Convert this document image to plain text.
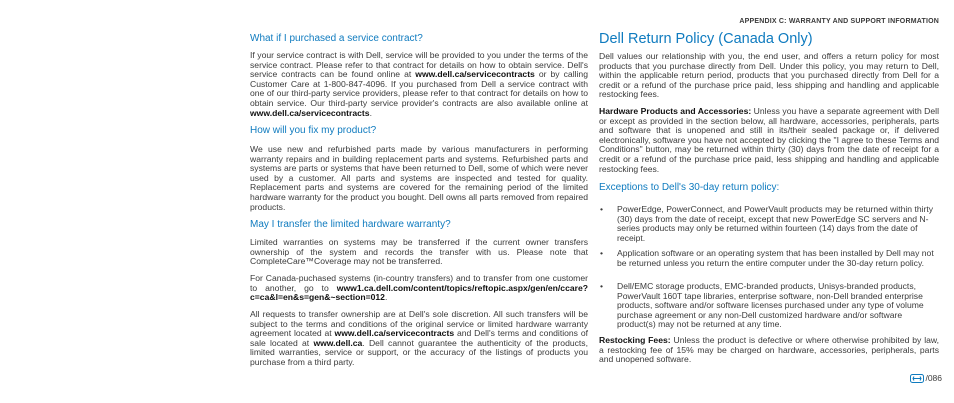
APPENDIX C: WARRANTY AND SUPPORT INFORMATION
What if I purchased a service contract?

If your service contract is with Dell, service will be provided to you under the terms of the service contract. Please refer to that contract for details on how to obtain service. Dell's service contracts can be found online at www.dell.ca/servicecontracts or by calling Customer Care at 1-800-847-4096. If you purchased from Dell a service contract with one of our third-party service providers, please refer to that contract for details on how to obtain service. Our third-party service provider's contracts are also available online at www.dell.ca/servicecontracts.

How will you fix my product?

We use new and refurbished parts made by various manufacturers in performing warranty repairs and in building replacement parts and systems. Refurbished parts and systems are parts or systems that have been returned to Dell, some of which were never used by a customer. All parts and systems are inspected and tested for quality. Replacement parts and systems are covered for the remaining period of the limited hardware warranty for the product you bought. Dell owns all parts removed from repaired products.

May I transfer the limited hardware warranty?

Limited warranties on systems may be transferred if the current owner transfers ownership of the system and records the transfer with us. Please note that CompleteCare™Coverage may not be transferred.

For Canada-puchased systems (in-country transfers) and to transfer from one customer to another, go to www1.ca.dell.com/content/topics/reftopic.aspx/gen/en/ccare?c=ca&l=en&s=gen&~section=012.

All requests to transfer ownership are at Dell's sole discretion. All such transfers will be subject to the terms and conditions of the original service or limited hardware warranty agreement located at www.dell.ca/servicecontracts and Dell's terms and conditions of sale located at www.dell.ca. Dell cannot guarantee the authenticity of the products, limited warranties, service or support, or the accuracy of the listings of products you purchase from a third party.

Dell Return Policy (Canada Only)

Dell values our relationship with you, the end user, and offers a return policy for most products that you purchase directly from Dell. Under this policy, you may return to Dell, within the applicable return period, products that you purchased directly from Dell for a credit or a refund of the purchase price paid, less shipping and handling and applicable restocking fees.

Hardware Products and Accessories: Unless you have a separate agreement with Dell or except as provided in the section below, all hardware, accessories, peripherals, parts and software that is unopened and still in its/their sealed package or, if delivered electronically, software you have not accepted by clicking the "I agree to these Terms and Conditions" button, may be returned within thirty (30) days from the date of receipt for a credit or a refund of the purchase price paid, less shipping and handling and applicable restocking fees.

Exceptions to Dell's 30-day return policy:
• PowerEdge, PowerConnect, and PowerVault products may be returned within thirty (30) days from the date of receipt, except that new PowerEdge SC servers and N-series products may only be returned within fourteen (14) days from the date of receipt.
• Application software or an operating system that has been installed by Dell may not be returned unless you return the entire computer under the 30-day return policy.
• Dell/EMC storage products, EMC-branded products, Unisys-branded products, PowerVault 160T tape libraries, enterprise software, non-Dell branded enterprise products, software and/or software licenses purchased under any type of volume purchase agreement or any non-Dell customized hardware and/or software product(s) may not be returned at any time.

Restocking Fees: Unless the product is defective or where otherwise prohibited by law, a restocking fee of 15% may be charged on hardware, accessories, peripherals, parts and unopened software.

/ 086
